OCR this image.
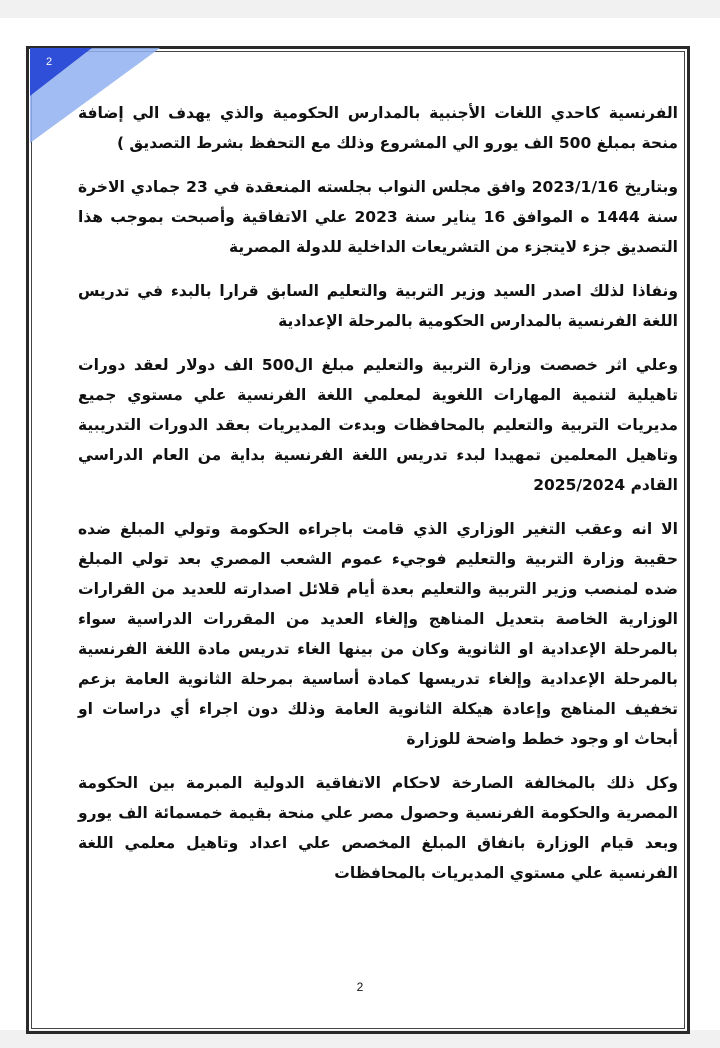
2

الفرنسية كاحدي اللغات الأجنبية بالمدارس الحكومية والذي يهدف الي إضافة منحة بمبلغ 500 الف يورو الي المشروع وذلك مع التحفظ بشرط التصديق )

وبتاريخ 2023/1/16 وافق مجلس النواب بجلسته المنعقدة في 23 جمادي الاخرة سنة 1444 ه الموافق 16 يناير سنة 2023 علي الاتفاقية وأصبحت بموجب هذا التصديق جزء لايتجزء من التشريعات الداخلية للدولة المصرية

ونفاذا لذلك اصدر السيد وزير التربية والتعليم السابق قرارا بالبدء في تدريس اللغة الفرنسية بالمدارس الحكومية بالمرحلة الإعدادية

وعلي اثر خصصت وزارة التربية والتعليم مبلغ ال500 الف دولار لعقد دورات تاهيلية لتنمية المهارات اللغوية لمعلمي اللغة الفرنسية علي مستوي جميع مديريات التربية والتعليم بالمحافظات وبدءت المديريات بعقد الدورات التدريبية وتاهيل المعلمين تمهيدا لبدء تدريس اللغة الفرنسية بداية من العام الدراسي القادم 2025/2024

الا انه وعقب التغير الوزاري الذي قامت باجراءه الحكومة وتولي المبلغ ضده حقيبة وزارة التربية والتعليم فوجيء عموم الشعب المصري بعد تولي المبلغ ضده لمنصب وزير التربية والتعليم بعدة أيام قلائل اصدارته للعديد من القرارات الوزارية الخاصة بتعديل المناهج وإلغاء العديد من المقررات الدراسية سواء بالمرحلة الإعدادية او الثانوية وكان من بينها الغاء تدريس مادة اللغة الفرنسية بالمرحلة الإعدادية وإلغاء تدريسها كمادة أساسية بمرحلة الثانوية العامة بزعم تخفيف المناهج وإعادة هيكلة الثانوية العامة وذلك دون اجراء أي دراسات او أبحاث او وجود خطط واضحة للوزارة

وكل ذلك بالمخالفة الصارخة لاحكام الاتفاقية الدولية المبرمة بين الحكومة المصرية والحكومة الفرنسية وحصول مصر علي منحة بقيمة خمسمائة الف يورو وبعد قيام الوزارة بانفاق المبلغ المخصص علي اعداد وتاهيل معلمي اللغة الفرنسية علي مستوي المديريات بالمحافظات

2
